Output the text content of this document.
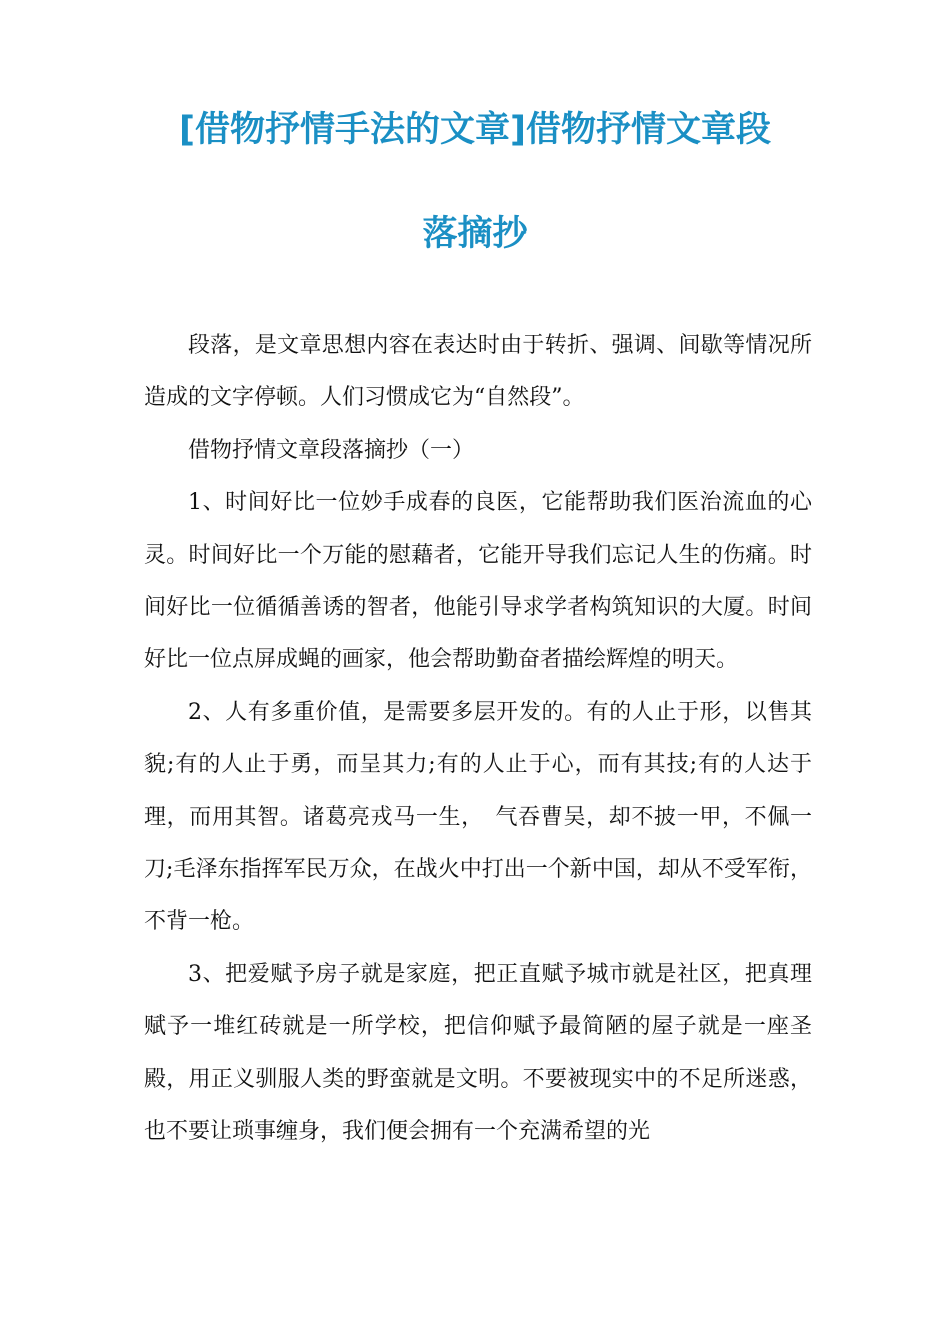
[借物抒情手法的文章]借物抒情文章段
落摘抄

段落，是文章思想内容在表达时由于转折、强调、间歇等情况所造成的文字停顿。人们习惯成它为“自然段”。

借物抒情文章段落摘抄（一）

1、时间好比一位妙手成春的良医，它能帮助我们医治流血的心灵。时间好比一个万能的慰藉者，它能开导我们忘记人生的伤痛。时间好比一位循循善诱的智者，他能引导求学者构筑知识的大厦。时间好比一位点屏成蝇的画家，他会帮助勤奋者描绘辉煌的明天。

2、人有多重价值，是需要多层开发的。有的人止于形，以售其貌;有的人止于勇，而呈其力;有的人止于心，而有其技;有的人达于理，而用其智。诸葛亮戎马一生，　气吞曹吴，却不披一甲，不佩一刀;毛泽东指挥军民万众，在战火中打出一个新中国，却从不受军衔，不背一枪。

3、把爱赋予房子就是家庭，把正直赋予城市就是社区，把真理赋予一堆红砖就是一所学校，把信仰赋予最简陋的屋子就是一座圣殿，用正义驯服人类的野蛮就是文明。不要被现实中的不足所迷惑，也不要让琐事缠身，我们便会拥有一个充满希望的光
